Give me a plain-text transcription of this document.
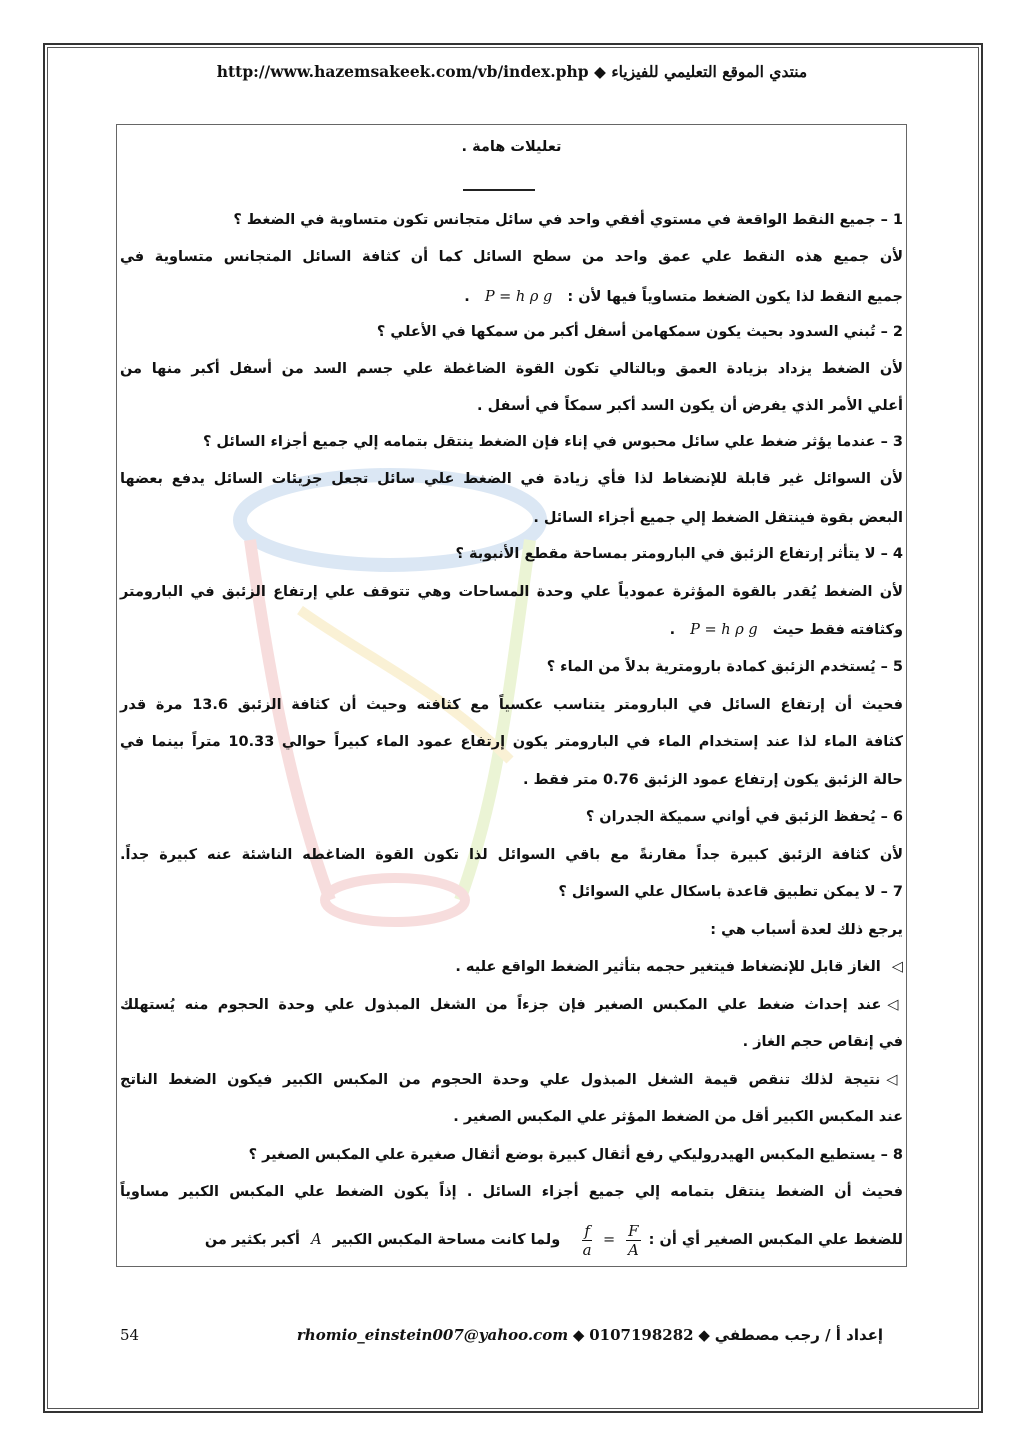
http://www.hazemsakeek.com/vb/index.php ◆ منتدي الموقع التعليمي للفيزياء
تعليلات هامة .
1 – جميع النقط الواقعة في مستوي أفقي واحد في سائل متجانس تكون متساوية في الضغط ؟
لأن جميع هذه النقط علي عمق واحد من سطح السائل كما أن كثافة السائل المتجانس متساوية في
جميع النقط لذا يكون الضغط متساوياً فيها لأن : P = h ρ g .
2 – تُبني السدود بحيث يكون سمكهامن أسفل أكبر من سمكها في الأعلي ؟
لأن الضغط يزداد بزيادة العمق وبالتالي تكون القوة الضاغطة علي جسم السد من أسفل أكبر منها من
أعلي الأمر الذي يفرض أن يكون السد أكبر سمكاً في أسفل .
3 – عندما يؤثر ضغط علي سائل محبوس في إناء فإن الضغط ينتقل بتمامه إلي جميع أجزاء السائل ؟
لأن السوائل غير قابلة للإنضغاط لذا فأي زيادة في الضغط علي سائل تجعل جزيئات السائل يدفع بعضها
البعض بقوة فينتقل الضغط إلي جميع أجزاء السائل .
4 – لا يتأثر إرتفاع الزئبق في البارومتر بمساحة مقطع الأنبوبة ؟
لأن الضغط يُقدر بالقوة المؤثرة عمودياً علي وحدة المساحات وهي تتوقف علي إرتفاع الزئبق في البارومتر
وكثافته فقط حيث P = h ρ g .
5 – يُستخدم الزئبق كمادة بارومترية بدلاً من الماء ؟
فحيث أن إرتفاع السائل في البارومتر يتناسب عكسياً مع كثافته وحيث أن كثافة الزئبق 13.6 مرة قدر
كثافة الماء لذا عند إستخدام الماء في البارومتر يكون إرتفاع عمود الماء كبيراً حوالي 10.33 متراً بينما في
حالة الزئبق يكون إرتفاع عمود الزئبق 0.76 متر فقط .
6 – يُحفظ الزئبق في أواني سميكة الجدران ؟
لأن كثافة الزئبق كبيرة جداً مقارنةً مع باقي السوائل لذا تكون القوة الضاغطه الناشئة عنه كبيرة جداً.
7 – لا يمكن تطبيق قاعدة باسكال علي السوائل ؟
يرجع ذلك لعدة أسباب هي :
◁ الغاز قابل للإنضغاط فيتغير حجمه بتأثير الضغط الواقع عليه .
◁عند إحداث ضغط علي المكبس الصغير فإن جزءاً من الشغل المبذول علي وحدة الحجوم منه يُستهلك
في إنقاص حجم الغاز .
◁نتيجة لذلك تنقص قيمة الشغل المبذول علي وحدة الحجوم من المكبس الكبير فيكون الضغط الناتج
عند المكبس الكبير أقل من الضغط المؤثر علي المكبس الصغير .
8 – يستطيع المكبس الهيدروليكي رفع أثقال كبيرة بوضع أثقال صغيرة علي المكبس الصغير ؟
فحيث أن الضغط ينتقل بتمامه إلي جميع أجزاء السائل . إذاً يكون الضغط علي المكبس الكبير مساوياً
للضغط علي المكبس الصغير أي أن :
$\frac{F}{A}$
=
$\frac{f}{a}$
ولما كانت مساحة المكبس الكبير A أكبر بكثير من
54	rhomio_einstein007@yahoo.com ◆ 0107198282 ◆ إعداد أ / رجب مصطفي
